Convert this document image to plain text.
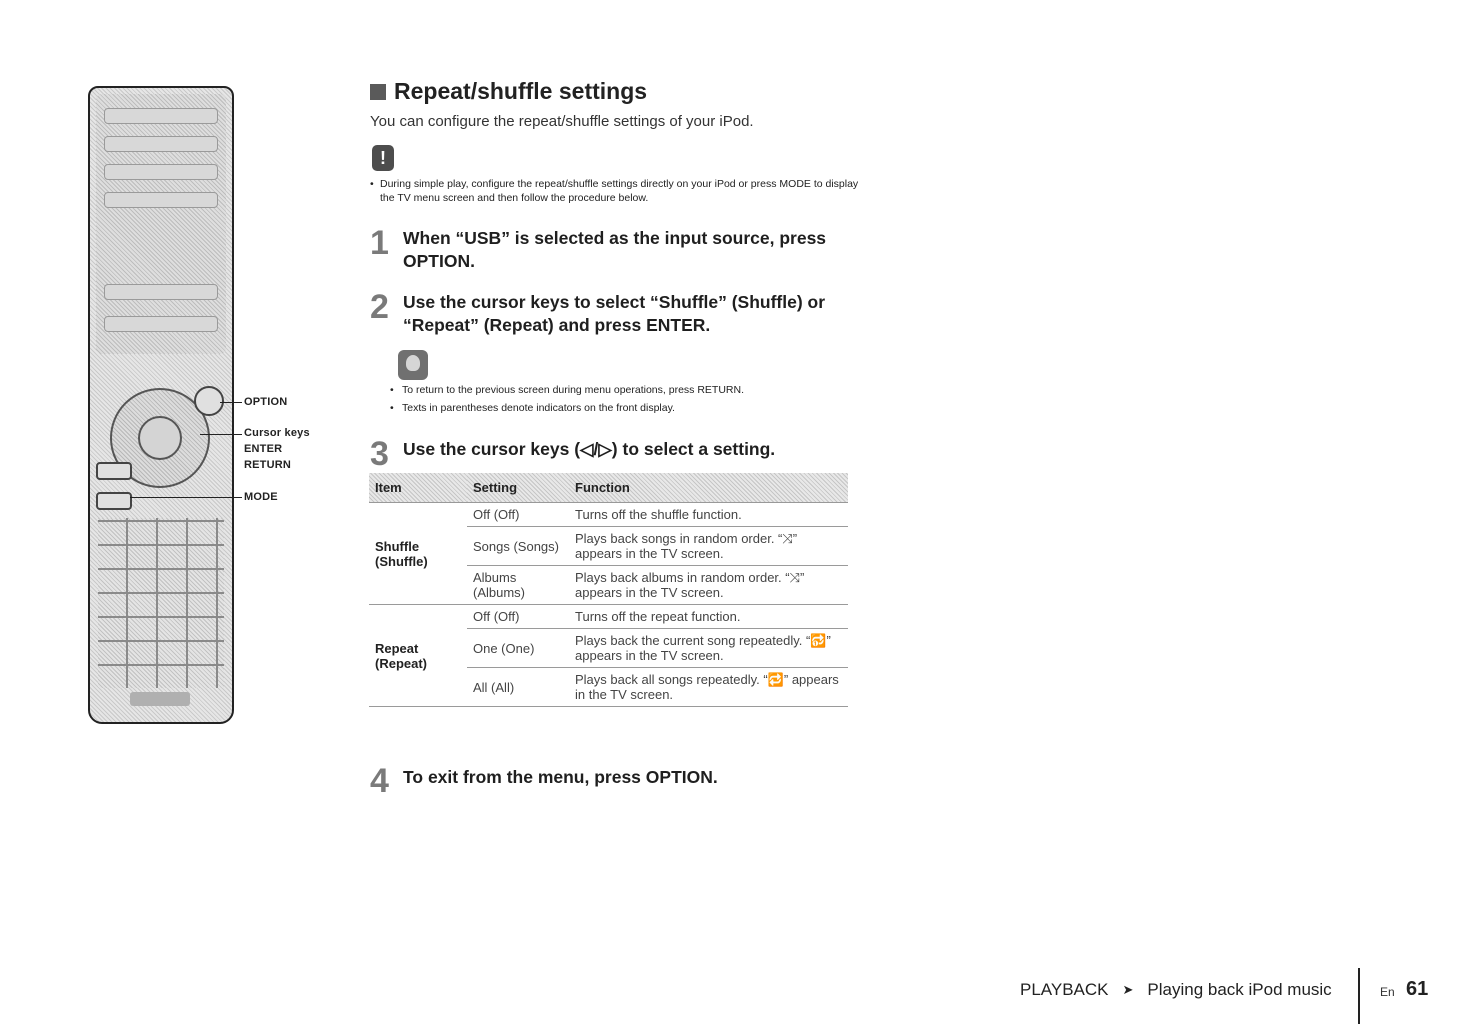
OPTION
Cursor keys
ENTER
RETURN
MODE
Repeat/shuffle settings
You can configure the repeat/shuffle settings of your iPod.
!
• During simple play, configure the repeat/shuffle settings directly on your iPod or press MODE to display the TV menu screen and then follow the procedure below.
1 When “USB” is selected as the input source, press OPTION.
2 Use the cursor keys to select “Shuffle” (Shuffle) or “Repeat” (Repeat) and press ENTER.
• To return to the previous screen during menu operations, press RETURN.
• Texts in parentheses denote indicators on the front display.
3 Use the cursor keys (◁/▷) to select a setting.
Item	Setting	Function
Shuffle
(Shuffle)	Off (Off)	Turns off the shuffle function.
	Songs (Songs)	Plays back songs in random order. “⤨” appears in the TV screen.
	Albums (Albums)	Plays back albums in random order. “⤨” appears in the TV screen.
Repeat
(Repeat)	Off (Off)	Turns off the repeat function.
	One (One)	Plays back the current song repeatedly. “🔂” appears in the TV screen.
	All (All)	Plays back all songs repeatedly. “🔁” appears in the TV screen.
4 To exit from the menu, press OPTION.
PLAYBACK ➤ Playing back iPod music	En 61
